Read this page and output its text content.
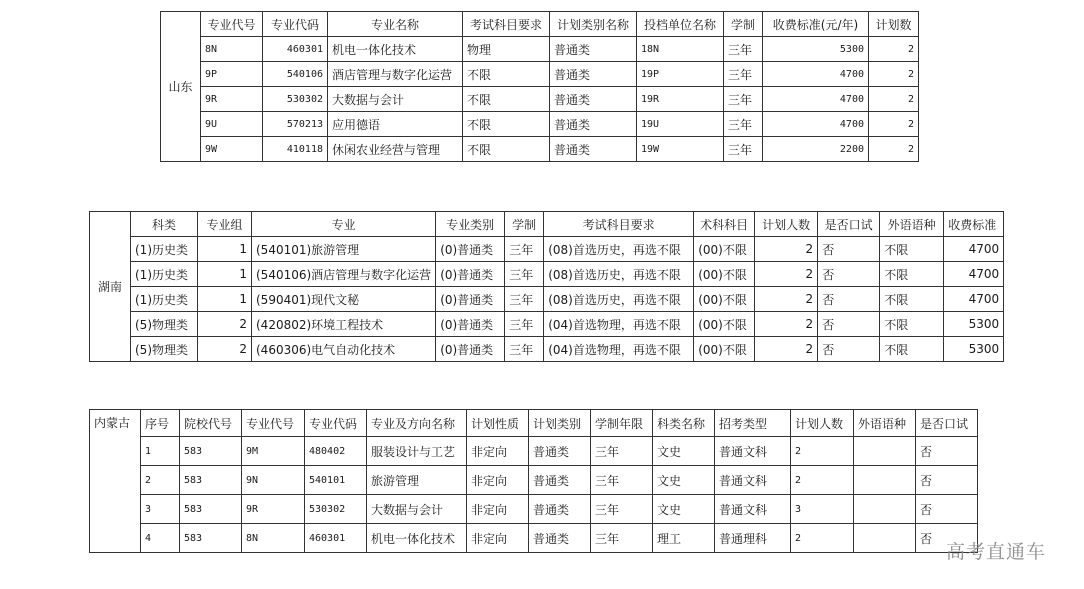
山东	专业代号	专业代码	专业名称	考试科目要求	计划类别名称	投档单位名称	学制	收费标准(元/年)	计划数
	8N	460301	机电一体化技术	物理	普通类	18N	三年	5300	2
	9P	540106	酒店管理与数字化运营	不限	普通类	19P	三年	4700	2
	9R	530302	大数据与会计	不限	普通类	19R	三年	4700	2
	9U	570213	应用德语	不限	普通类	19U	三年	4700	2
	9W	410118	休闲农业经营与管理	不限	普通类	19W	三年	2200	2
湖南	科类	专业组	专业	专业类别	学制	考试科目要求	术科科目	计划人数	是否口试	外语语种	收费标准
	(1)历史类	1	(540101)旅游管理	(0)普通类	三年	(08)首选历史，再选不限	(00)不限	2	否	不限	4700
	(1)历史类	1	(540106)酒店管理与数字化运营	(0)普通类	三年	(08)首选历史，再选不限	(00)不限	2	否	不限	4700
	(1)历史类	1	(590401)现代文秘	(0)普通类	三年	(08)首选历史，再选不限	(00)不限	2	否	不限	4700
	(5)物理类	2	(420802)环境工程技术	(0)普通类	三年	(04)首选物理，再选不限	(00)不限	2	否	不限	5300
	(5)物理类	2	(460306)电气自动化技术	(0)普通类	三年	(04)首选物理，再选不限	(00)不限	2	否	不限	5300
内蒙古	序号	院校代号	专业代号	专业代码	专业及方向名称	计划性质	计划类别	学制年限	科类名称	招考类型	计划人数	外语语种	是否口试
	1	583	9M	480402	服装设计与工艺	非定向	普通类	三年	文史	普通文科	2		否
	2	583	9N	540101	旅游管理	非定向	普通类	三年	文史	普通文科	2		否
	3	583	9R	530302	大数据与会计	非定向	普通类	三年	文史	普通文科	3		否
	4	583	8N	460301	机电一体化技术	非定向	普通类	三年	理工	普通理科	2		否
高考直通车
